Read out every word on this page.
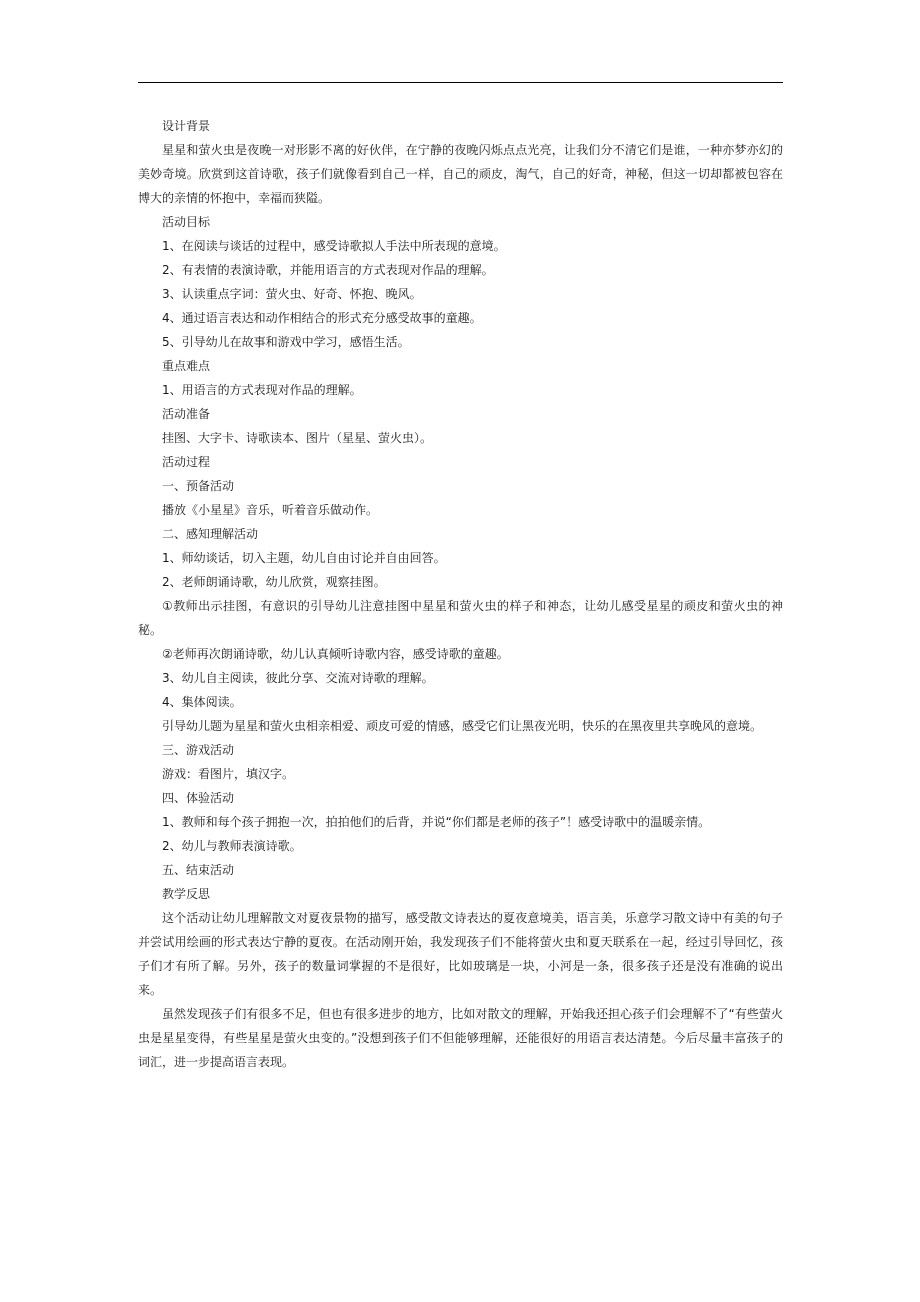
设计背景

星星和萤火虫是夜晚一对形影不离的好伙伴，在宁静的夜晚闪烁点点光亮，让我们分不清它们是谁，一种亦梦亦幻的美妙奇境。欣赏到这首诗歌，孩子们就像看到自己一样，自己的顽皮，淘气，自己的好奇，神秘，但这一切却都被包容在博大的亲情的怀抱中，幸福而狭隘。

活动目标

1、在阅读与谈话的过程中，感受诗歌拟人手法中所表现的意境。

2、有表情的表演诗歌，并能用语言的方式表现对作品的理解。

3、认读重点字词：萤火虫、好奇、怀抱、晚风。

4、通过语言表达和动作相结合的形式充分感受故事的童趣。

5、引导幼儿在故事和游戏中学习，感悟生活。

重点难点

1、用语言的方式表现对作品的理解。

活动准备

挂图、大字卡、诗歌读本、图片（星星、萤火虫）。

活动过程

一、预备活动

播放《小星星》音乐，听着音乐做动作。

二、感知理解活动

1、师幼谈话，切入主题，幼儿自由讨论并自由回答。

2、老师朗诵诗歌，幼儿欣赏，观察挂图。

①教师出示挂图，有意识的引导幼儿注意挂图中星星和萤火虫的样子和神态，让幼儿感受星星的顽皮和萤火虫的神秘。

②老师再次朗诵诗歌，幼儿认真倾听诗歌内容，感受诗歌的童趣。

3、幼儿自主阅读，彼此分享、交流对诗歌的理解。

4、集体阅读。

引导幼儿题为星星和萤火虫相亲相爱、顽皮可爱的情感，感受它们让黑夜光明，快乐的在黑夜里共享晚风的意境。

三、游戏活动

游戏：看图片，填汉字。

四、体验活动

1、教师和每个孩子拥抱一次，拍拍他们的后背，并说“你们都是老师的孩子”！感受诗歌中的温暖亲情。

2、幼儿与教师表演诗歌。

五、结束活动

教学反思

这个活动让幼儿理解散文对夏夜景物的描写，感受散文诗表达的夏夜意境美，语言美，乐意学习散文诗中有美的句子并尝试用绘画的形式表达宁静的夏夜。在活动刚开始，我发现孩子们不能将萤火虫和夏天联系在一起，经过引导回忆，孩子们才有所了解。另外，孩子的数量词掌握的不是很好，比如玻璃是一块，小河是一条，很多孩子还是没有准确的说出来。

虽然发现孩子们有很多不足，但也有很多进步的地方，比如对散文的理解，开始我还担心孩子们会理解不了“有些萤火虫是星星变得，有些星星是萤火虫变的。”没想到孩子们不但能够理解，还能很好的用语言表达清楚。今后尽量丰富孩子的词汇，进一步提高语言表现。
